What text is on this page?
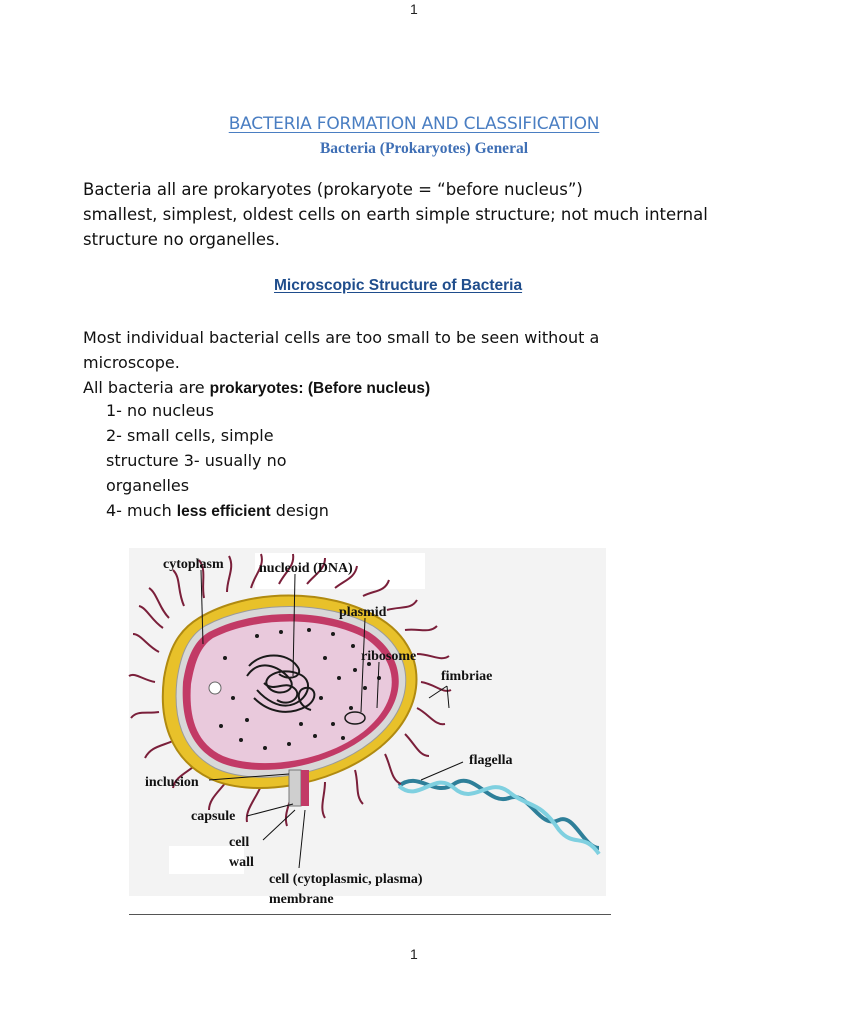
1
BACTERIA FORMATION AND CLASSIFICATION
Bacteria (Prokaryotes) General
Bacteria all are prokaryotes (prokaryote = “before nucleus”)
smallest, simplest, oldest cells on earth simple structure; not much internal
structure no organelles.
Microscopic Structure of Bacteria
Most individual bacterial cells are too small to be seen without a
microscope.
All bacteria are prokaryotes: (Before nucleus)
1- no nucleus
2- small cells, simple
structure 3- usually no
organelles
4- much less efficient design
cytoplasm	nucleoid (DNA)
plasmid
ribosome
fimbriae
flagella
inclusion
capsule
cell
wall
cell (cytoplasmic, plasma)
membrane
1
